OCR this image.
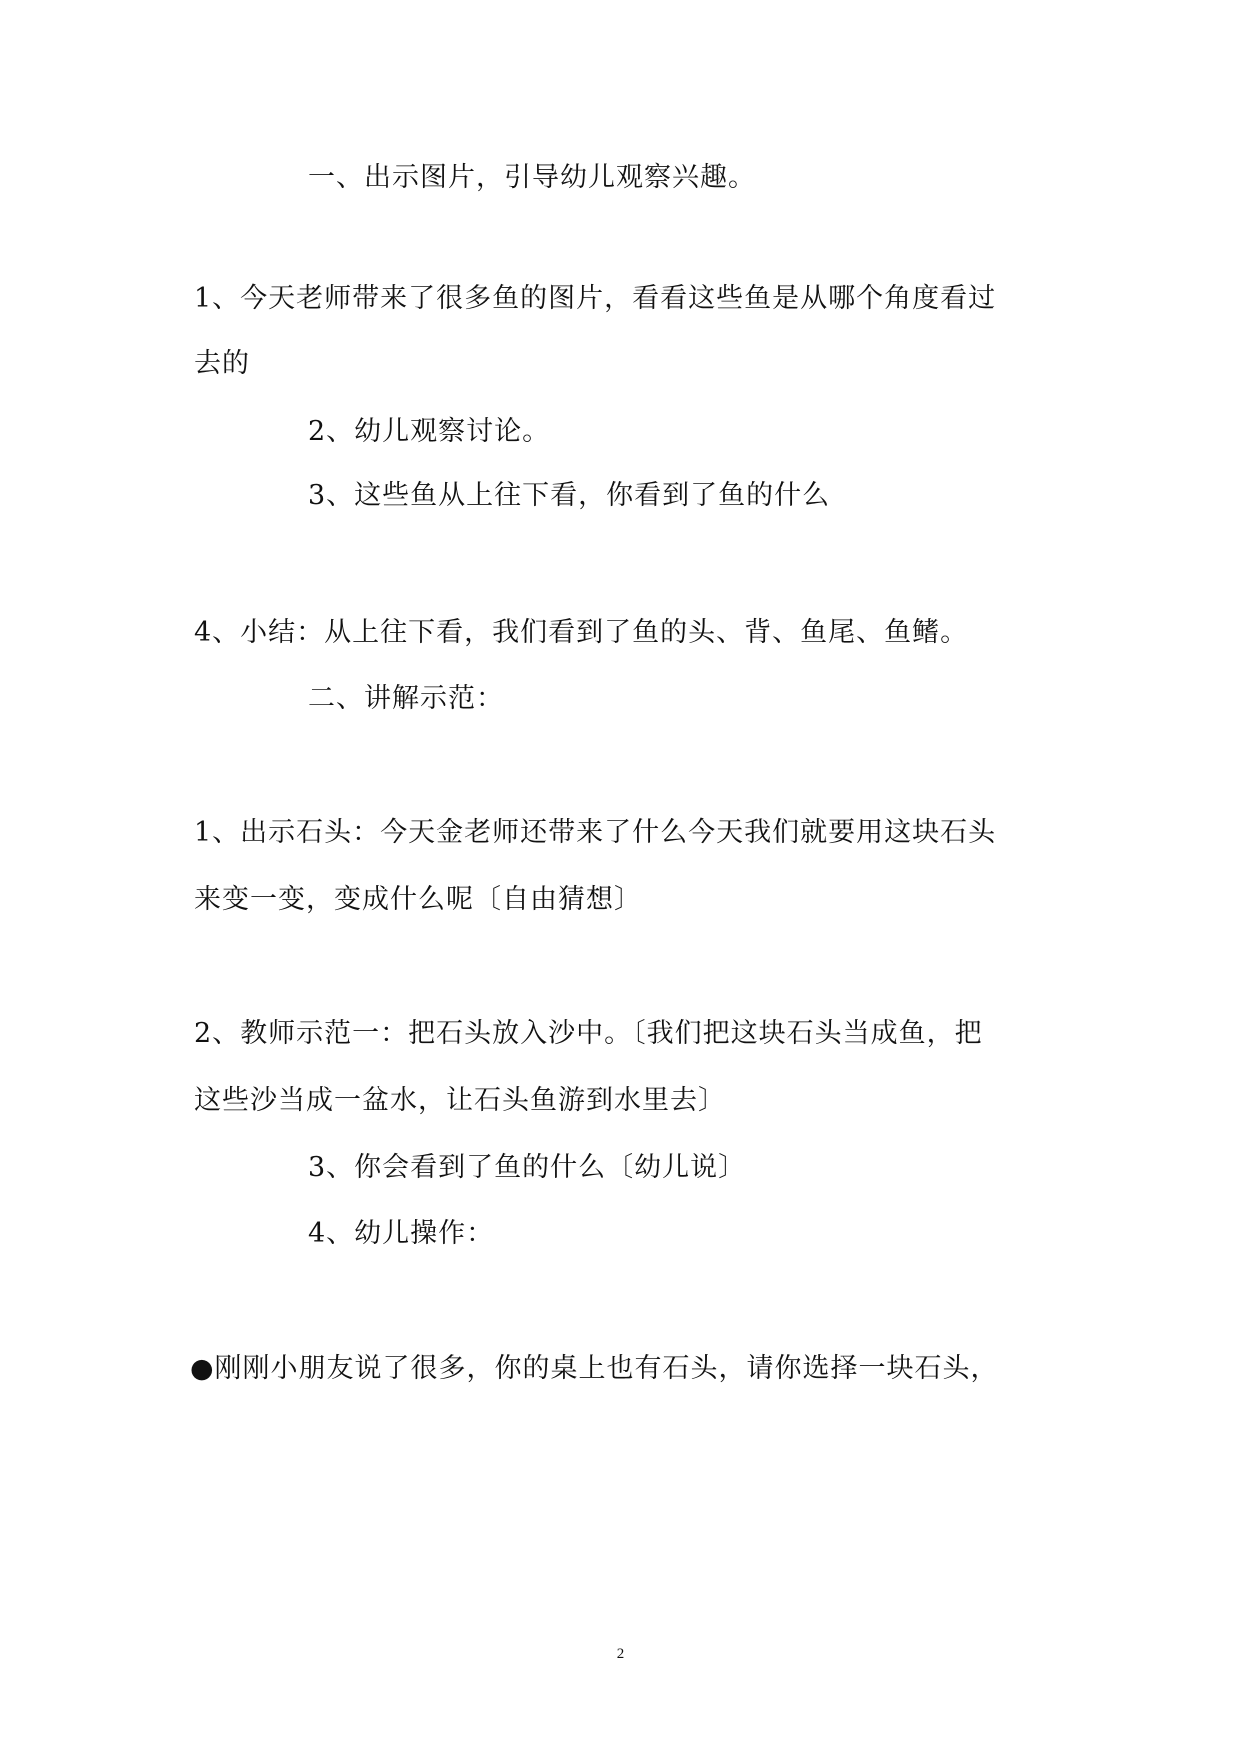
一、出示图片，引导幼儿观察兴趣。
1、今天老师带来了很多鱼的图片，看看这些鱼是从哪个角度看过
去的
2、幼儿观察讨论。
3、这些鱼从上往下看，你看到了鱼的什么
4、小结：从上往下看，我们看到了鱼的头、背、鱼尾、鱼鳍。
二、讲解示范：
1、出示石头：今天金老师还带来了什么今天我们就要用这块石头
来变一变，变成什么呢〔自由猜想〕
2、教师示范一：把石头放入沙中。〔我们把这块石头当成鱼，把
这些沙当成一盆水，让石头鱼游到水里去〕
3、你会看到了鱼的什么〔幼儿说〕
4、幼儿操作：
●刚刚小朋友说了很多，你的桌上也有石头，请你选择一块石头，
2
